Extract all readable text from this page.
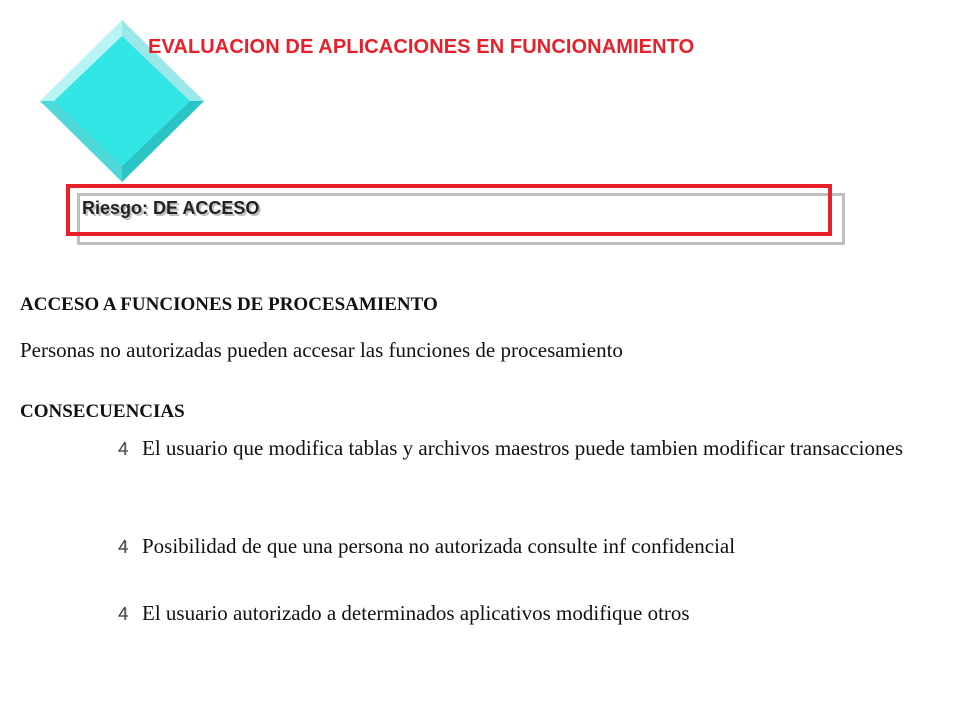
EVALUACION DE APLICACIONES EN FUNCIONAMIENTO
Riesgo: DE ACCESO
ACCESO A FUNCIONES DE PROCESAMIENTO
Personas no autorizadas pueden accesar las funciones de procesamiento
CONSECUENCIAS
El usuario que modifica tablas y archivos maestros puede tambien modificar transacciones
Posibilidad de que una persona no autorizada consulte inf confidencial
El usuario autorizado a determinados aplicativos modifique otros
